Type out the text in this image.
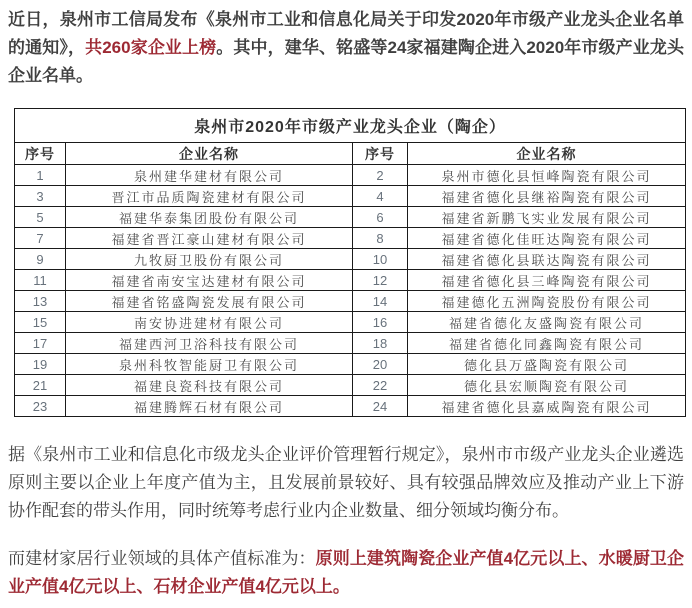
近日，泉州市工信局发布《泉州市工业和信息化局关于印发2020年市级产业龙头企业名单的通知》，共260家企业上榜。其中，建华、铭盛等24家福建陶企进入2020年市级产业龙头企业名单。

泉州市2020年市级产业龙头企业（陶企）			
序号	企业名称	序号	企业名称
1	泉州建华建材有限公司	2	泉州市德化县恒峰陶瓷有限公司
3	晋江市品质陶瓷建材有限公司	4	福建省德化县继裕陶瓷有限公司
5	福建华泰集团股份有限公司	6	福建省新鹏飞实业发展有限公司
7	福建省晋江豪山建材有限公司	8	福建省德化佳旺达陶瓷有限公司
9	九牧厨卫股份有限公司	10	福建省德化县联达陶瓷有限公司
11	福建省南安宝达建材有限公司	12	福建省德化县三峰陶瓷有限公司
13	福建省铭盛陶瓷发展有限公司	14	福建德化五洲陶瓷股份有限公司
15	南安协进建材有限公司	16	福建省德化友盛陶瓷有限公司
17	福建西河卫浴科技有限公司	18	福建省德化同鑫陶瓷有限公司
19	泉州科牧智能厨卫有限公司	20	德化县万盛陶瓷有限公司
21	福建良瓷科技有限公司	22	德化县宏顺陶瓷有限公司
23	福建腾辉石材有限公司	24	福建省德化县嘉威陶瓷有限公司

据《泉州市工业和信息化市级龙头企业评价管理暂行规定》，泉州市市级产业龙头企业遴选原则主要以企业上年度产值为主，且发展前景较好、具有较强品牌效应及推动产业上下游协作配套的带头作用，同时统筹考虑行业内企业数量、细分领域均衡分布。

而建材家居行业领域的具体产值标准为：原则上建筑陶瓷企业产值4亿元以上、水暖厨卫企业产值4亿元以上、石材企业产值4亿元以上。
